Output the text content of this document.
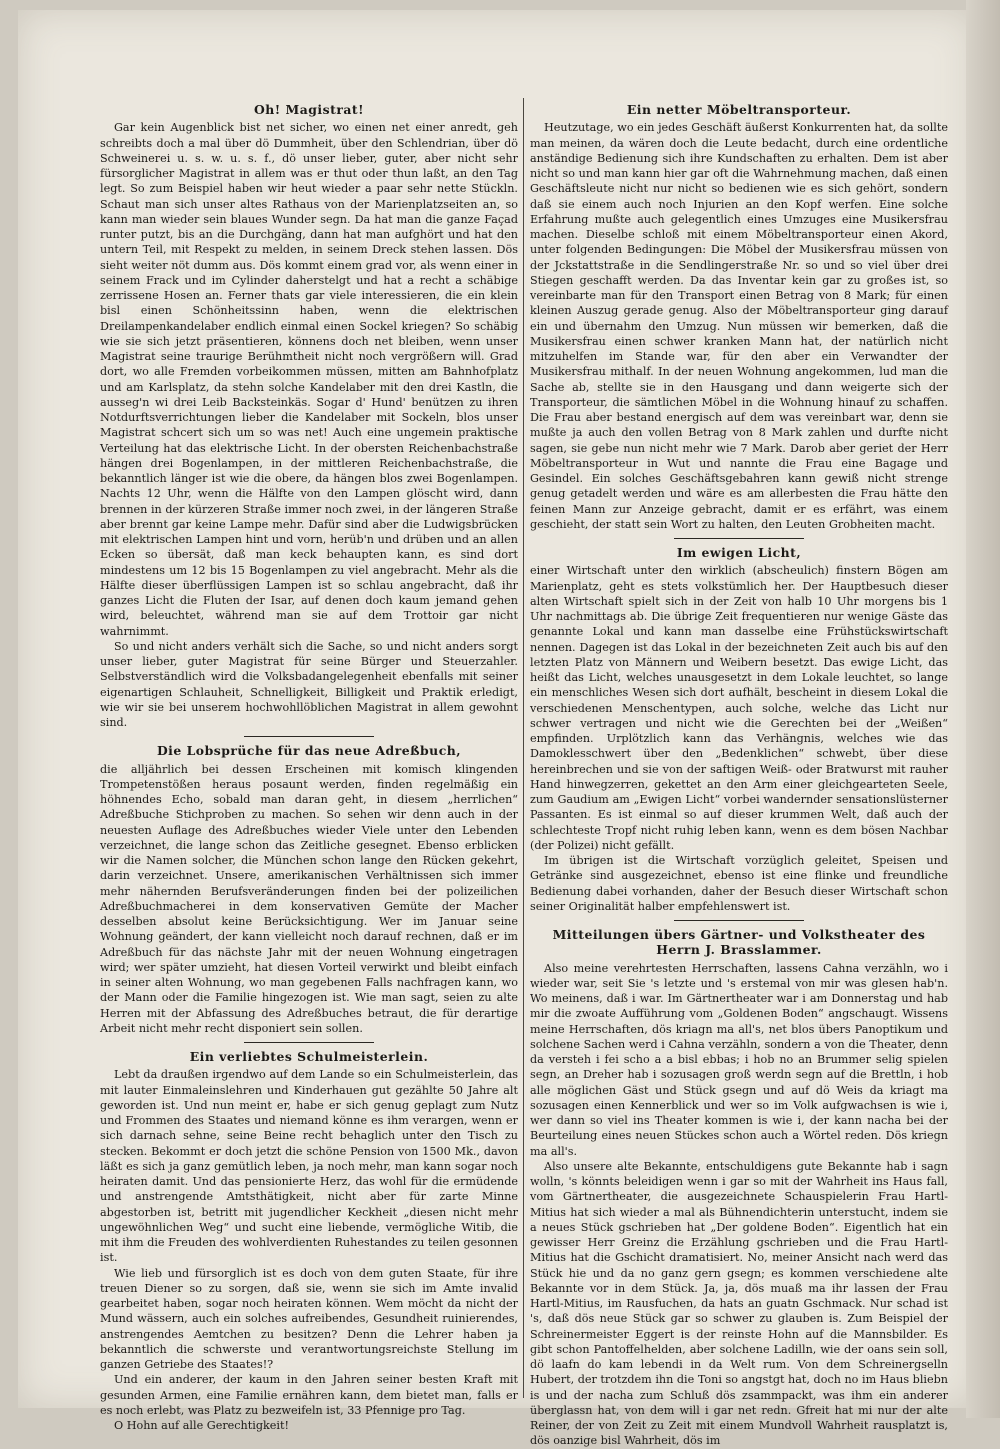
Oh! Magistrat!

Gar kein Augenblick bist net sicher, wo einen net einer anredt, geh schreibts doch a mal über dö Dummheit, über den Schlendrian, über dö Schweinerei u. s. w. u. s. f., dö unser lieber, guter, aber nicht sehr fürsorglicher Magistrat in allem was er thut oder thun laßt, an den Tag legt. So zum Beispiel haben wir heut wieder a paar sehr nette Stückln. Schaut man sich unser altes Rathaus von der Marienplatzseiten an, so kann man wieder sein blaues Wunder segn. Da hat man die ganze Façad runter putzt, bis an die Durchgäng, dann hat man aufghört und hat den untern Teil, mit Respekt zu melden, in seinem Dreck stehen lassen. Dös sieht weiter nöt dumm aus. Dös kommt einem grad vor, als wenn einer in seinem Frack und im Cylinder daherstelgt und hat a recht a schäbige zerrissene Hosen an. Ferner thats gar viele interessieren, die ein klein bisl einen Schönheitssinn haben, wenn die elektrischen Dreilampenkandelaber endlich einmal einen Sockel kriegen? So schäbig wie sie sich jetzt präsentieren, könnens doch net bleiben, wenn unser Magistrat seine traurige Berühmtheit nicht noch vergrößern will. Grad dort, wo alle Fremden vorbeikommen müssen, mitten am Bahnhofplatz und am Karlsplatz, da stehn solche Kandelaber mit den drei Kastln, die ausseg'n wi drei Leib Backsteinkäs. Sogar d' Hund' benützen zu ihren Notdurftsverrichtungen lieber die Kandelaber mit Sockeln, blos unser Magistrat schcert sich um so was net! Auch eine ungemein praktische Verteilung hat das elektrische Licht. In der obersten Reichenbachstraße hängen drei Bogenlampen, in der mittleren Reichenbachstraße, die bekanntlich länger ist wie die obere, da hängen blos zwei Bogenlampen. Nachts 12 Uhr, wenn die Hälfte von den Lampen glöscht wird, dann brennen in der kürzeren Straße immer noch zwei, in der längeren Straße aber brennt gar keine Lampe mehr. Dafür sind aber die Ludwigsbrücken mit elektrischen Lampen hint und vorn, herüb'n und drüben und an allen Ecken so übersät, daß man keck behaupten kann, es sind dort mindestens um 12 bis 15 Bogenlampen zu viel angebracht. Mehr als die Hälfte dieser überflüssigen Lampen ist so schlau angebracht, daß ihr ganzes Licht die Fluten der Isar, auf denen doch kaum jemand gehen wird, beleuchtet, während man sie auf dem Trottoir gar nicht wahrnimmt.

So und nicht anders verhält sich die Sache, so und nicht anders sorgt unser lieber, guter Magistrat für seine Bürger und Steuerzahler. Selbstverständlich wird die Volksbadangelegenheit ebenfalls mit seiner eigenartigen Schlauheit, Schnelligkeit, Billigkeit und Praktik erledigt, wie wir sie bei unserem hochwohllöblichen Magistrat in allem gewohnt sind.

Die Lobsprüche für das neue Adreßbuch,

die alljährlich bei dessen Erscheinen mit komisch klingenden Trompetenstößen heraus posaunt werden, finden regelmäßig ein höhnendes Echo, sobald man daran geht, in diesem „herrlichen“ Adreßbuche Stichproben zu machen. So sehen wir denn auch in der neuesten Auflage des Adreßbuches wieder Viele unter den Lebenden verzeichnet, die lange schon das Zeitliche gesegnet. Ebenso erblicken wir die Namen solcher, die München schon lange den Rücken gekehrt, darin verzeichnet. Unsere, amerikanischen Verhältnissen sich immer mehr nähernden Berufsveränderungen finden bei der polizeilichen Adreßbuchmacherei in dem konservativen Gemüte der Macher desselben absolut keine Berücksichtigung. Wer im Januar seine Wohnung geändert, der kann vielleicht noch darauf rechnen, daß er im Adreßbuch für das nächste Jahr mit der neuen Wohnung eingetragen wird; wer später umzieht, hat diesen Vorteil verwirkt und bleibt einfach in seiner alten Wohnung, wo man gegebenen Falls nachfragen kann, wo der Mann oder die Familie hingezogen ist. Wie man sagt, seien zu alte Herren mit der Abfassung des Adreßbuches betraut, die für derartige Arbeit nicht mehr recht disponiert sein sollen.

Ein verliebtes Schulmeisterlein.

Lebt da draußen irgendwo auf dem Lande so ein Schulmeisterlein, das mit lauter Einmaleinslehren und Kinderhauen gut gezählte 50 Jahre alt geworden ist. Und nun meint er, habe er sich genug geplagt zum Nutz und Frommen des Staates und niemand könne es ihm verargen, wenn er sich darnach sehne, seine Beine recht behaglich unter den Tisch zu stecken. Bekommt er doch jetzt die schöne Pension von 1500 Mk., davon läßt es sich ja ganz gemütlich leben, ja noch mehr, man kann sogar noch heiraten damit. Und das pensionierte Herz, das wohl für die ermüdende und anstrengende Amtsthätigkeit, nicht aber für zarte Minne abgestorben ist, betritt mit jugendlicher Keckheit „diesen nicht mehr ungewöhnlichen Weg“ und sucht eine liebende, vermögliche Witib, die mit ihm die Freuden des wohlverdienten Ruhestandes zu teilen gesonnen ist.

Wie lieb und fürsorglich ist es doch von dem guten Staate, für ihre treuen Diener so zu sorgen, daß sie, wenn sie sich im Amte invalid gearbeitet haben, sogar noch heiraten können. Wem möcht da nicht der Mund wässern, auch ein solches aufreibendes, Gesundheit ruinierendes, anstrengendes Aemtchen zu besitzen? Denn die Lehrer haben ja bekanntlich die schwerste und verantwortungsreichste Stellung im ganzen Getriebe des Staates!?

Und ein anderer, der kaum in den Jahren seiner besten Kraft mit gesunden Armen, eine Familie ernähren kann, dem bietet man, falls er es noch erlebt, was Platz zu bezweifeln ist, 33 Pfennige pro Tag.

O Hohn auf alle Gerechtigkeit!

Ein netter Möbeltransporteur.

Heutzutage, wo ein jedes Geschäft äußerst Konkurrenten hat, da sollte man meinen, da wären doch die Leute bedacht, durch eine ordentliche anständige Bedienung sich ihre Kundschaften zu erhalten. Dem ist aber nicht so und man kann hier gar oft die Wahrnehmung machen, daß einen Geschäftsleute nicht nur nicht so bedienen wie es sich gehört, sondern daß sie einem auch noch Injurien an den Kopf werfen. Eine solche Erfahrung mußte auch gelegentlich eines Umzuges eine Musikersfrau machen. Dieselbe schloß mit einem Möbeltransporteur einen Akord, unter folgenden Bedingungen: Die Möbel der Musikersfrau müssen von der Jckstattstraße in die Sendlingerstraße Nr. so und so viel über drei Stiegen geschafft werden. Da das Inventar kein gar zu großes ist, so vereinbarte man für den Transport einen Betrag von 8 Mark; für einen kleinen Auszug gerade genug. Also der Möbeltransporteur ging darauf ein und übernahm den Umzug. Nun müssen wir bemerken, daß die Musikersfrau einen schwer kranken Mann hat, der natürlich nicht mitzuhelfen im Stande war, für den aber ein Verwandter der Musikersfrau mithalf. In der neuen Wohnung angekommen, lud man die Sache ab, stellte sie in den Hausgang und dann weigerte sich der Transporteur, die sämtlichen Möbel in die Wohnung hinauf zu schaffen. Die Frau aber bestand energisch auf dem was vereinbart war, denn sie mußte ja auch den vollen Betrag von 8 Mark zahlen und durfte nicht sagen, sie gebe nun nicht mehr wie 7 Mark. Darob aber geriet der Herr Möbeltransporteur in Wut und nannte die Frau eine Bagage und Gesindel. Ein solches Geschäftsgebahren kann gewiß nicht strenge genug getadelt werden und wäre es am allerbesten die Frau hätte den feinen Mann zur Anzeige gebracht, damit er es erfährt, was einem geschieht, der statt sein Wort zu halten, den Leuten Grobheiten macht.

Im ewigen Licht,

einer Wirtschaft unter den wirklich (abscheulich) finstern Bögen am Marienplatz, geht es stets volkstümlich her. Der Hauptbesuch dieser alten Wirtschaft spielt sich in der Zeit von halb 10 Uhr morgens bis 1 Uhr nachmittags ab. Die übrige Zeit frequentieren nur wenige Gäste das genannte Lokal und kann man dasselbe eine Frühstückswirtschaft nennen. Dagegen ist das Lokal in der bezeichneten Zeit auch bis auf den letzten Platz von Männern und Weibern besetzt. Das ewige Licht, das heißt das Licht, welches unausgesetzt in dem Lokale leuchtet, so lange ein menschliches Wesen sich dort aufhält, bescheint in diesem Lokal die verschiedenen Menschentypen, auch solche, welche das Licht nur schwer vertragen und nicht wie die Gerechten bei der „Weißen“ empfinden. Urplötzlich kann das Verhängnis, welches wie das Damoklesschwert über den „Bedenklichen“ schwebt, über diese hereinbrechen und sie von der saftigen Weiß- oder Bratwurst mit rauher Hand hinwegzerren, gekettet an den Arm einer gleichgearteten Seele, zum Gaudium am „Ewigen Licht“ vorbei wandernder sensationslüsterner Passanten. Es ist einmal so auf dieser krummen Welt, daß auch der schlechteste Tropf nicht ruhig leben kann, wenn es dem bösen Nachbar (der Polizei) nicht gefällt.

Im übrigen ist die Wirtschaft vorzüglich geleitet, Speisen und Getränke sind ausgezeichnet, ebenso ist eine flinke und freundliche Bedienung dabei vorhanden, daher der Besuch dieser Wirtschaft schon seiner Originalität halber empfehlenswert ist.

Mitteilungen übers Gärtner- und Volkstheater des Herrn J. Brasslammer.

Also meine verehrtesten Herrschaften, lassens Cahna verzähln, wo i wieder war, seit Sie 's letzte und 's erstemal von mir was glesen hab'n. Wo meinens, daß i war. Im Gärtnertheater war i am Donnerstag und hab mir die zwoate Aufführung vom „Goldenen Boden“ angschaugt. Wissens meine Herrschaften, dös kriagn ma all's, net blos übers Panoptikum und solchene Sachen werd i Cahna verzähln, sondern a von die Theater, denn da versteh i fei scho a a bisl ebbas; i hob no an Brummer selig spielen segn, an Dreher hab i sozusagen groß werdn segn auf die Brettln, i hob alle möglichen Gäst und Stück gsegn und auf dö Weis da kriagt ma sozusagen einen Kennerblick und wer so im Volk aufgwachsen is wie i, wer dann so viel ins Theater kommen is wie i, der kann nacha bei der Beurteilung eines neuen Stückes schon auch a Wörtel reden. Dös kriegn ma all's.

Also unsere alte Bekannte, entschuldigens gute Bekannte hab i sagn wolln, 's könnts beleidigen wenn i gar so mit der Wahrheit ins Haus fall, vom Gärtnertheater, die ausgezeichnete Schauspielerin Frau Hartl-Mitius hat sich wieder a mal als Bühnendichterin unterstucht, indem sie a neues Stück gschrieben hat „Der goldene Boden“. Eigentlich hat ein gewisser Herr Greinz die Erzählung gschrieben und die Frau Hartl-Mitius hat die Gschicht dramatisiert. No, meiner Ansicht nach werd das Stück hie und da no ganz gern gsegn; es kommen verschiedene alte Bekannte vor in dem Stück. Ja, ja, dös muaß ma ihr lassen der Frau Hartl-Mitius, im Rausfuchen, da hats an guatn Gschmack. Nur schad ist 's, daß dös neue Stück gar so schwer zu glauben is. Zum Beispiel der Schreinermeister Eggert is der reinste Hohn auf die Mannsbilder. Es gibt schon Pantoffelhelden, aber solchene Ladilln, wie der oans sein soll, dö laafn do kam lebendi in da Welt rum. Von dem Schreinergselln Hubert, der trotzdem ihn die Toni so angstgt hat, doch no im Haus bliebn is und der nacha zum Schluß dös zsammpackt, was ihm ein anderer überglassn hat, von dem will i gar net redn. Gfreit hat mi nur der alte Reiner, der von Zeit zu Zeit mit einem Mundvoll Wahrheit rausplatzt is, dös oanzige bisl Wahrheit, dös im
